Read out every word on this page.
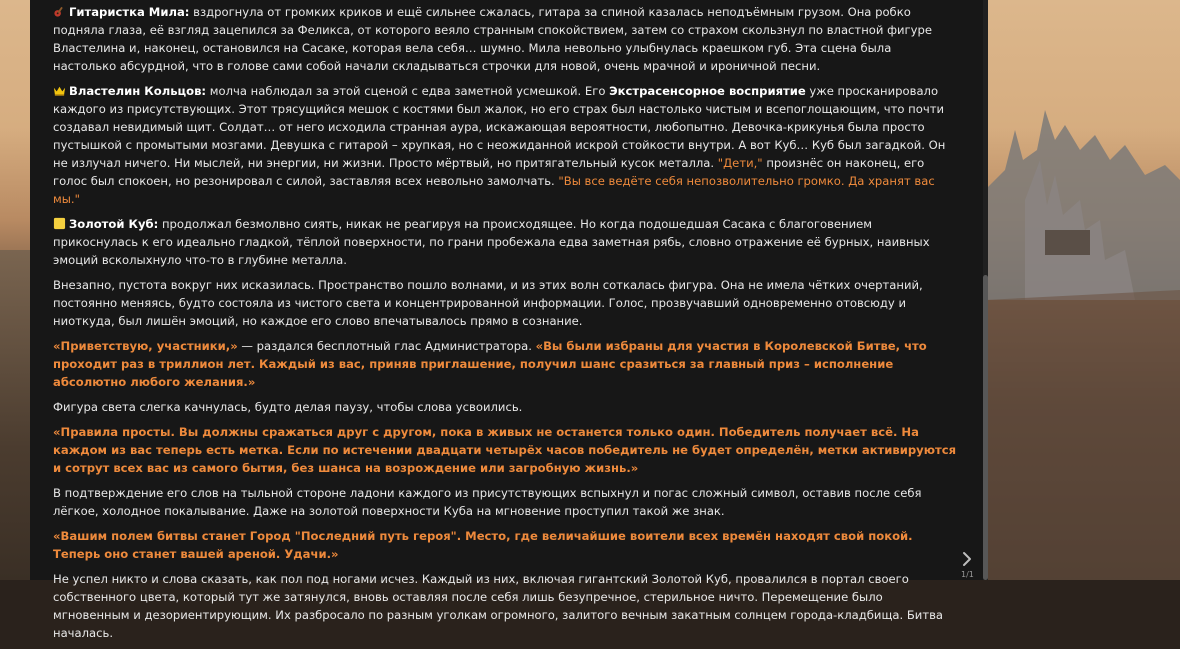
Гитаристка Мила: вздрогнула от громких криков и ещё сильнее сжалась, гитара за спиной казалась неподъёмным грузом. Она робко подняла глаза, её взгляд зацепился за Феликса, от которого веяло странным спокойствием, затем со страхом скользнул по властной фигуре Властелина и, наконец, остановился на Сасаке, которая вела себя… шумно. Мила невольно улыбнулась краешком губ. Эта сцена была настолько абсурдной, что в голове сами собой начали складываться строчки для новой, очень мрачной и ироничной песни.

Властелин Кольцов: молча наблюдал за этой сценой с едва заметной усмешкой. Его Экстрасенсорное восприятие уже просканировало каждого из присутствующих. Этот трясущийся мешок с костями был жалок, но его страх был настолько чистым и всепоглощающим, что почти создавал невидимый щит. Солдат… от него исходила странная аура, искажающая вероятности, любопытно. Девочка-крикунья была просто пустышкой с промытыми мозгами. Девушка с гитарой – хрупкая, но с неожиданной искрой стойкости внутри. А вот Куб… Куб был загадкой. Он не излучал ничего. Ни мыслей, ни энергии, ни жизни. Просто мёртвый, но притягательный кусок металла. "Дети," произнёс он наконец, его голос был спокоен, но резонировал с силой, заставляя всех невольно замолчать. "Вы все ведёте себя непозволительно громко. Да хранят вас мы."

Золотой Куб: продолжал безмолвно сиять, никак не реагируя на происходящее. Но когда подошедшая Сасака с благоговением прикоснулась к его идеально гладкой, тёплой поверхности, по грани пробежала едва заметная рябь, словно отражение её бурных, наивных эмоций всколыхнуло что-то в глубине металла.

Внезапно, пустота вокруг них исказилась. Пространство пошло волнами, и из этих волн соткалась фигура. Она не имела чётких очертаний, постоянно меняясь, будто состояла из чистого света и концентрированной информации. Голос, прозвучавший одновременно отовсюду и ниоткуда, был лишён эмоций, но каждое его слово впечатывалось прямо в сознание.

«Приветствую, участники,» — раздался бесплотный глас Администратора. «Вы были избраны для участия в Королевской Битве, что проходит раз в триллион лет. Каждый из вас, приняв приглашение, получил шанс сразиться за главный приз – исполнение абсолютно любого желания.»

Фигура света слегка качнулась, будто делая паузу, чтобы слова усвоились.

«Правила просты. Вы должны сражаться друг с другом, пока в живых не останется только один. Победитель получает всё. На каждом из вас теперь есть метка. Если по истечении двадцати четырёх часов победитель не будет определён, метки активируются и сотрут всех вас из самого бытия, без шанса на возрождение или загробную жизнь.»

В подтверждение его слов на тыльной стороне ладони каждого из присутствующих вспыхнул и погас сложный символ, оставив после себя лёгкое, холодное покалывание. Даже на золотой поверхности Куба на мгновение проступил такой же знак.

«Вашим полем битвы станет Город "Последний путь героя". Место, где величайшие воители всех времён находят свой покой. Теперь оно станет вашей ареной. Удачи.»

Не успел никто и слова сказать, как пол под ногами исчез. Каждый из них, включая гигантский Золотой Куб, провалился в портал своего собственного цвета, который тут же затянулся, вновь оставляя после себя лишь безупречное, стерильное ничто. Перемещение было мгновенным и дезориентирующим. Их разбросало по разным уголкам огромного, залитого вечным закатным солнцем города-кладбища. Битва началась.

1/1
